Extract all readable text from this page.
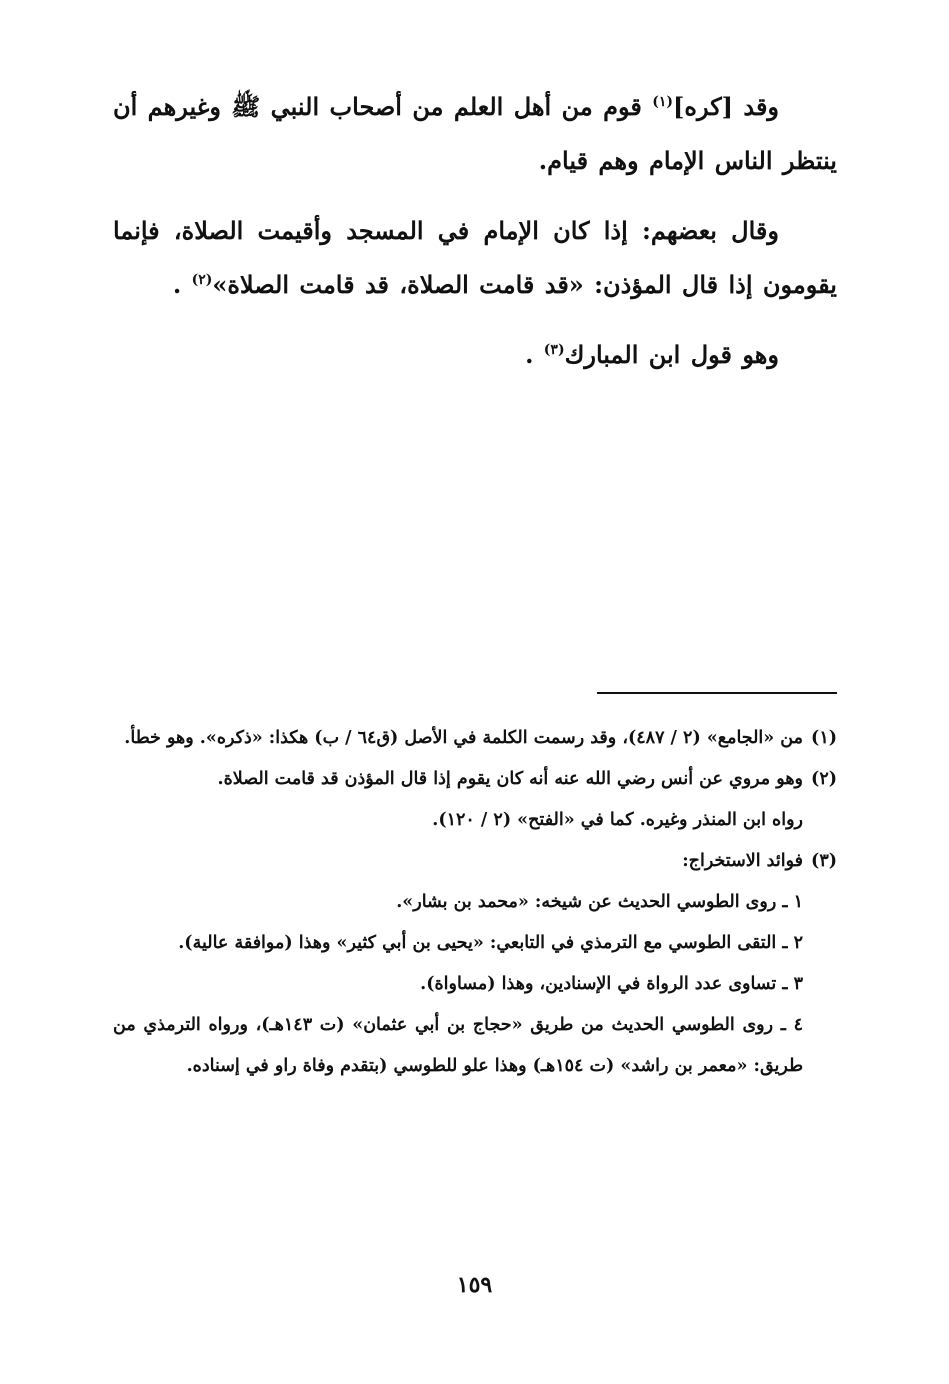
وقد [كره]$^{(١)}$ قوم من أهل العلم من أصحاب النبي ﷺ وغيرهم أن ينتظر الناس الإمام وهم قيام.

وقال بعضهم: إذا كان الإمام في المسجد وأقيمت الصلاة، فإنما يقومون إذا قال المؤذن: «قد قامت الصلاة، قد قامت الصلاة»$^{(٢)}$ .

وهو قول ابن المبارك$^{(٣)}$ .

(١)من «الجامع» (٢ / ٤٨٧)، وقد رسمت الكلمة في الأصل (ق٦٤ / ب) هكذا: «ذكره». وهو خطأ.

(٢)وهو مروي عن أنس رضي الله عنه أنه كان يقوم إذا قال المؤذن قد قامت الصلاة.

رواه ابن المنذر وغيره. كما في «الفتح» (٢ / ١٢٠).

(٣)فوائد الاستخراج:

١ ـ روى الطوسي الحديث عن شيخه: «محمد بن بشار».

٢ ـ التقى الطوسي مع الترمذي في التابعي: «يحيى بن أبي كثير» وهذا (موافقة عالية).

٣ ـ تساوى عدد الرواة في الإسنادين، وهذا (مساواة).

٤ ـ روى الطوسي الحديث من طريق «حجاج بن أبي عثمان» (ت ١٤٣هـ)، ورواه الترمذي من طريق: «معمر بن راشد» (ت ١٥٤هـ) وهذا علو للطوسي (بتقدم وفاة راو في إسناده.

١٥٩
